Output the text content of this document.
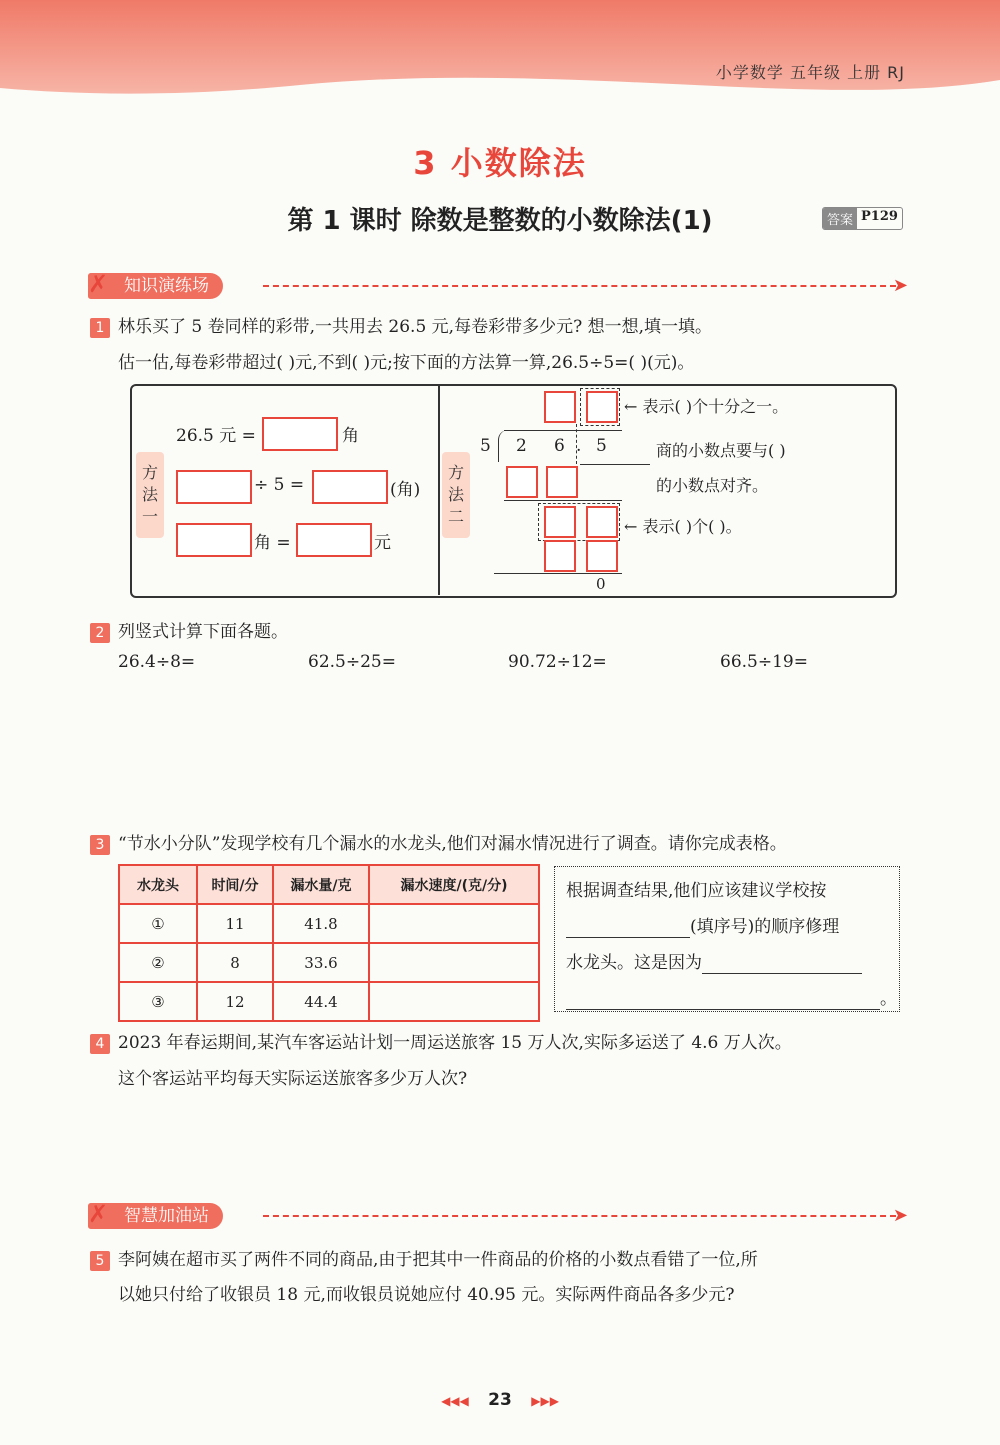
小学数学 五年级 上册 RJ
3 小数除法
第 1 课时 除数是整数的小数除法(1)	答案 P129
✗ 知识演练场	➤
1 林乐买了 5 卷同样的彩带,一共用去 26.5 元,每卷彩带多少元? 想一想,填一填。
估一估,每卷彩带超过( )元,不到( )元;按下面的方法算一算,26.5÷5=( )(元)。
方法一
26.5 元 =	角
÷ 5 =	(角)
角 =	元
方法二
5 2 6 . 5
0
← 表示( )个十分之一。
商的小数点要与( )
的小数点对齐。
← 表示( )个( )。
2 列竖式计算下面各题。
26.4÷8=	62.5÷25=	90.72÷12=	66.5÷19=
3 “节水小分队”发现学校有几个漏水的水龙头,他们对漏水情况进行了调查。请你完成表格。
水龙头	时间/分	漏水量/克	漏水速度/(克/分)
①	11	41.8	
②	8	33.6	
③	12	44.4	
根据调查结果,他们应该建议学校按
(填序号)的顺序修理
水龙头。这是因为
。
4 2023 年春运期间,某汽车客运站计划一周运送旅客 15 万人次,实际多运送了 4.6 万人次。
这个客运站平均每天实际运送旅客多少万人次?
✗ 智慧加油站	➤
5 李阿姨在超市买了两件不同的商品,由于把其中一件商品的价格的小数点看错了一位,所
以她只付给了收银员 18 元,而收银员说她应付 40.95 元。实际两件商品各多少元?
◀◀◀ 23 ▶▶▶
